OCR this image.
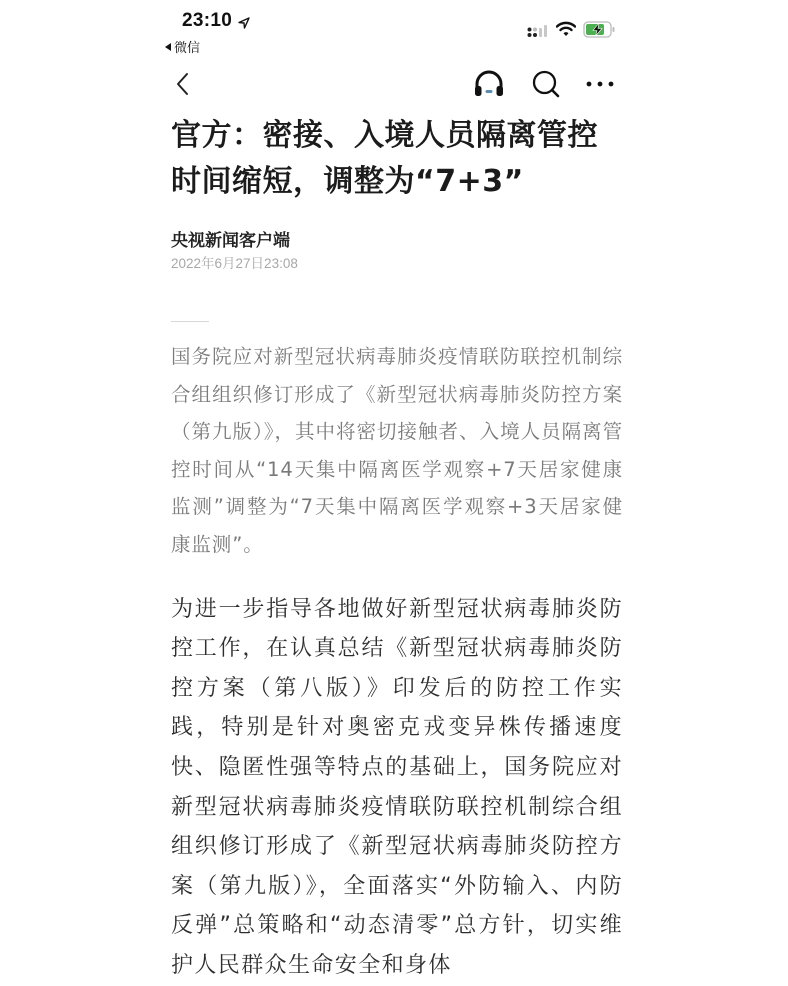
23:10
微信
官方：密接、入境人员隔离管控时间缩短，调整为“7+3”
央视新闻客户端
2022年6月27日23:08

国务院应对新型冠状病毒肺炎疫情联防联控机制综合组组织修订形成了《新型冠状病毒肺炎防控方案（第九版）》，其中将密切接触者、入境人员隔离管控时间从“14天集中隔离医学观察+7天居家健康监测”调整为“7天集中隔离医学观察+3天居家健康监测”。

为进一步指导各地做好新型冠状病毒肺炎防控工作，在认真总结《新型冠状病毒肺炎防控方案（第八版）》印发后的防控工作实践，特别是针对奥密克戎变异株传播速度快、隐匿性强等特点的基础上，国务院应对新型冠状病毒肺炎疫情联防联控机制综合组组织修订形成了《新型冠状病毒肺炎防控方案（第九版）》，全面落实“外防输入、内防反弹”总策略和“动态清零”总方针，切实维护人民群众生命安全和身体
